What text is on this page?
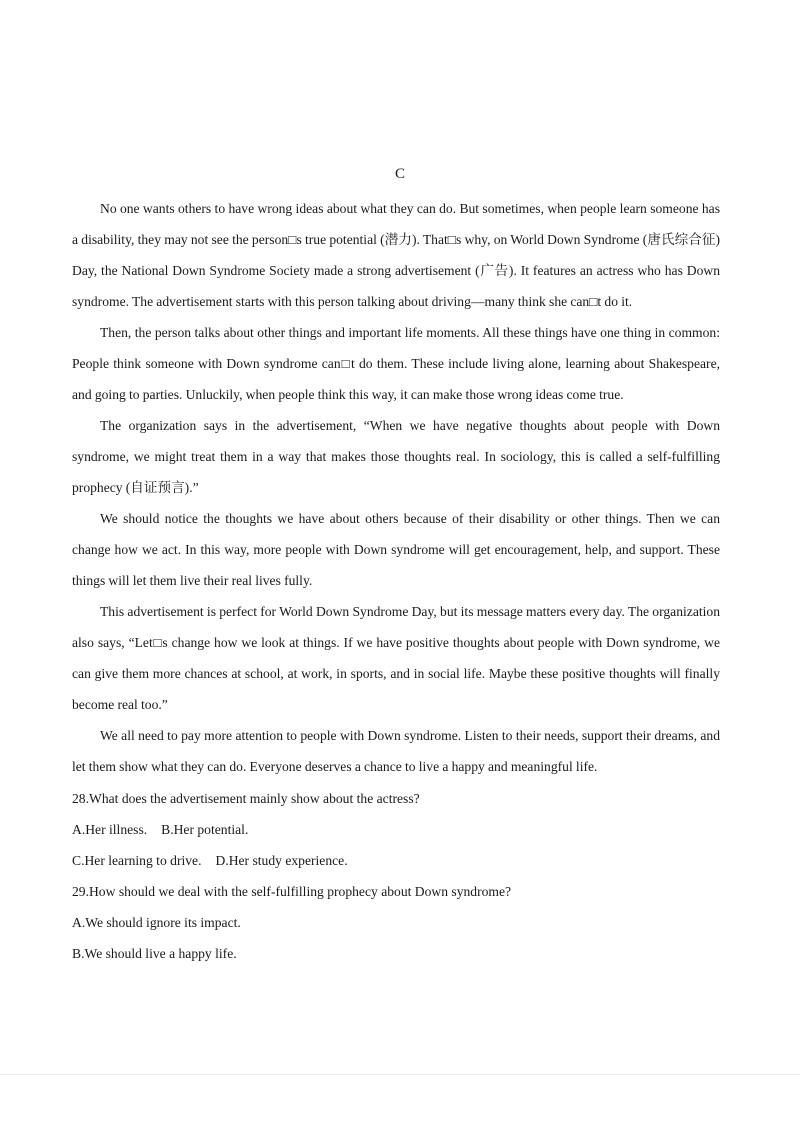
C

No one wants others to have wrong ideas about what they can do. But sometimes, when people learn someone has a disability, they may not see the person□s true potential (潜力). That□s why, on World Down Syndrome (唐氏综合征) Day, the National Down Syndrome Society made a strong advertisement (广告). It features an actress who has Down syndrome. The advertisement starts with this person talking about driving—many think she can□t do it.

Then, the person talks about other things and important life moments. All these things have one thing in common: People think someone with Down syndrome can□t do them. These include living alone, learning about Shakespeare, and going to parties. Unluckily, when people think this way, it can make those wrong ideas come true.

The organization says in the advertisement, “When we have negative thoughts about people with Down syndrome, we might treat them in a way that makes those thoughts real. In sociology, this is called a self-fulfilling prophecy (自证预言).”

We should notice the thoughts we have about others because of their disability or other things. Then we can change how we act. In this way, more people with Down syndrome will get encouragement, help, and support. These things will let them live their real lives fully.

This advertisement is perfect for World Down Syndrome Day, but its message matters every day. The organization also says, “Let□s change how we look at things. If we have positive thoughts about people with Down syndrome, we can give them more chances at school, at work, in sports, and in social life. Maybe these positive thoughts will finally become real too.”

We all need to pay more attention to people with Down syndrome. Listen to their needs, support their dreams, and let them show what they can do. Everyone deserves a chance to live a happy and meaningful life.

28.What does the advertisement mainly show about the actress?

A.Her illness. B.Her potential.

C.Her learning to drive. D.Her study experience.

29.How should we deal with the self-fulfilling prophecy about Down syndrome?

A.We should ignore its impact.

B.We should live a happy life.
